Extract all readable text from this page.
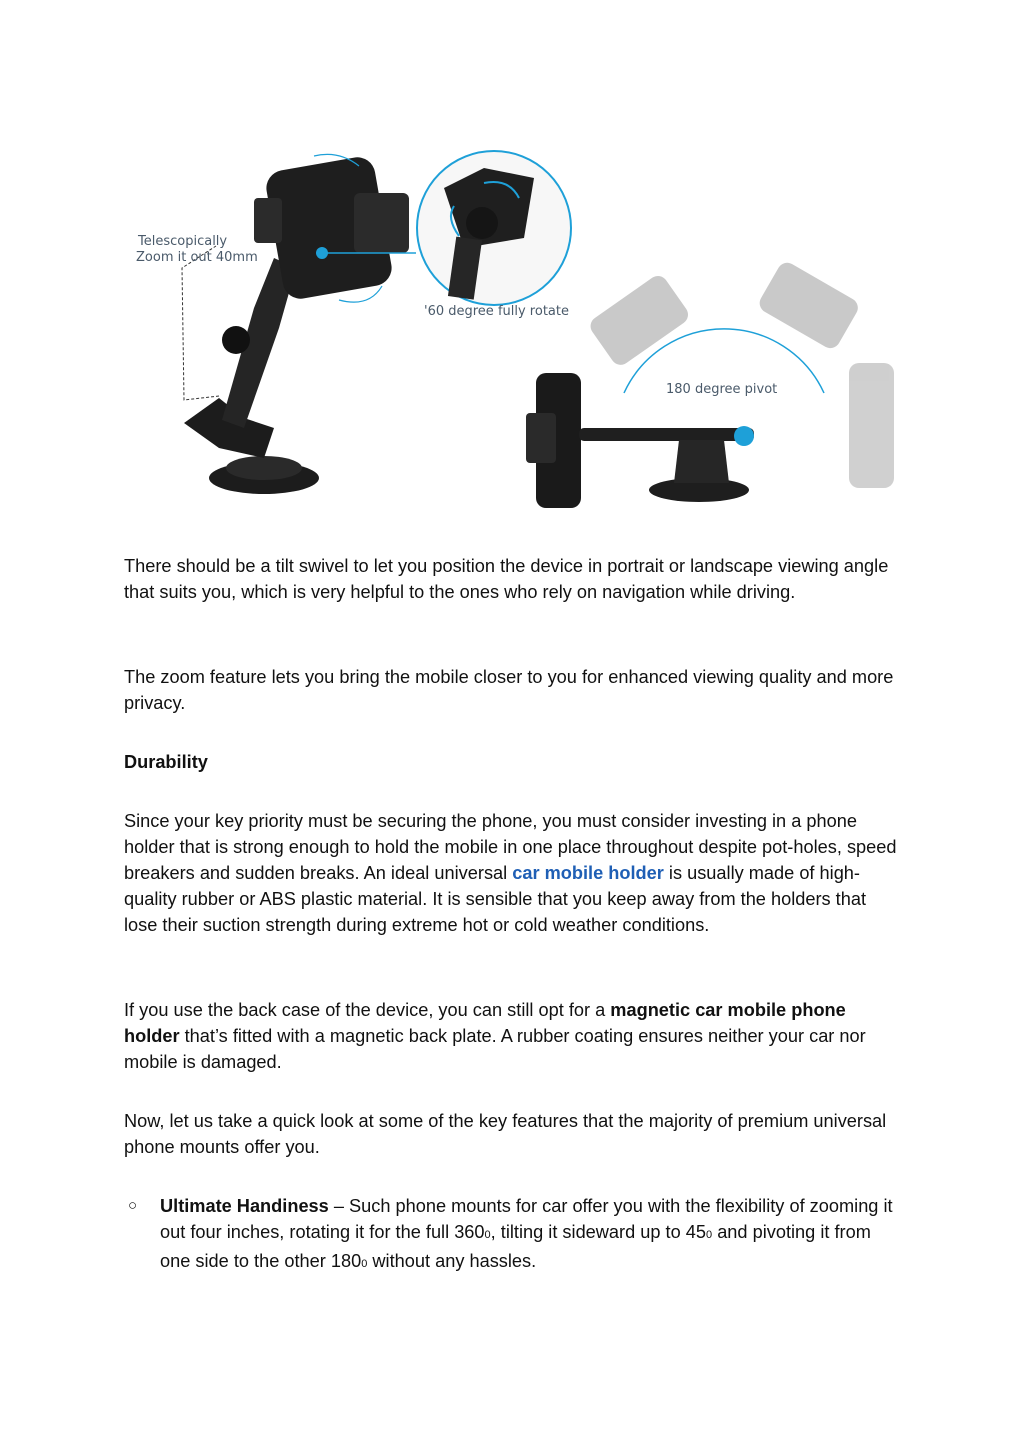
Telescopically
Zoom it out 40mm
'60 degree fully rotate
180 degree pivot

There should be a tilt swivel to let you position the device in portrait or landscape viewing angle that suits you, which is very helpful to the ones who rely on navigation while driving.

The zoom feature lets you bring the mobile closer to you for enhanced viewing quality and more privacy.

Durability

Since your key priority must be securing the phone, you must consider investing in a phone holder that is strong enough to hold the mobile in one place throughout despite pot-holes, speed breakers and sudden breaks. An ideal universal car mobile holder is usually made of high-quality rubber or ABS plastic material. It is sensible that you keep away from the holders that lose their suction strength during extreme hot or cold weather conditions.

If you use the back case of the device, you can still opt for a magnetic car mobile phone holder that’s fitted with a magnetic back plate. A rubber coating ensures neither your car nor mobile is damaged.

Now, let us take a quick look at some of the key features that the majority of premium universal phone mounts offer you.

○ Ultimate Handiness – Such phone mounts for car offer you with the flexibility of zooming it out four inches, rotating it for the full 3600, tilting it sideward up to 450 and pivoting it from one side to the other 1800 without any hassles.
